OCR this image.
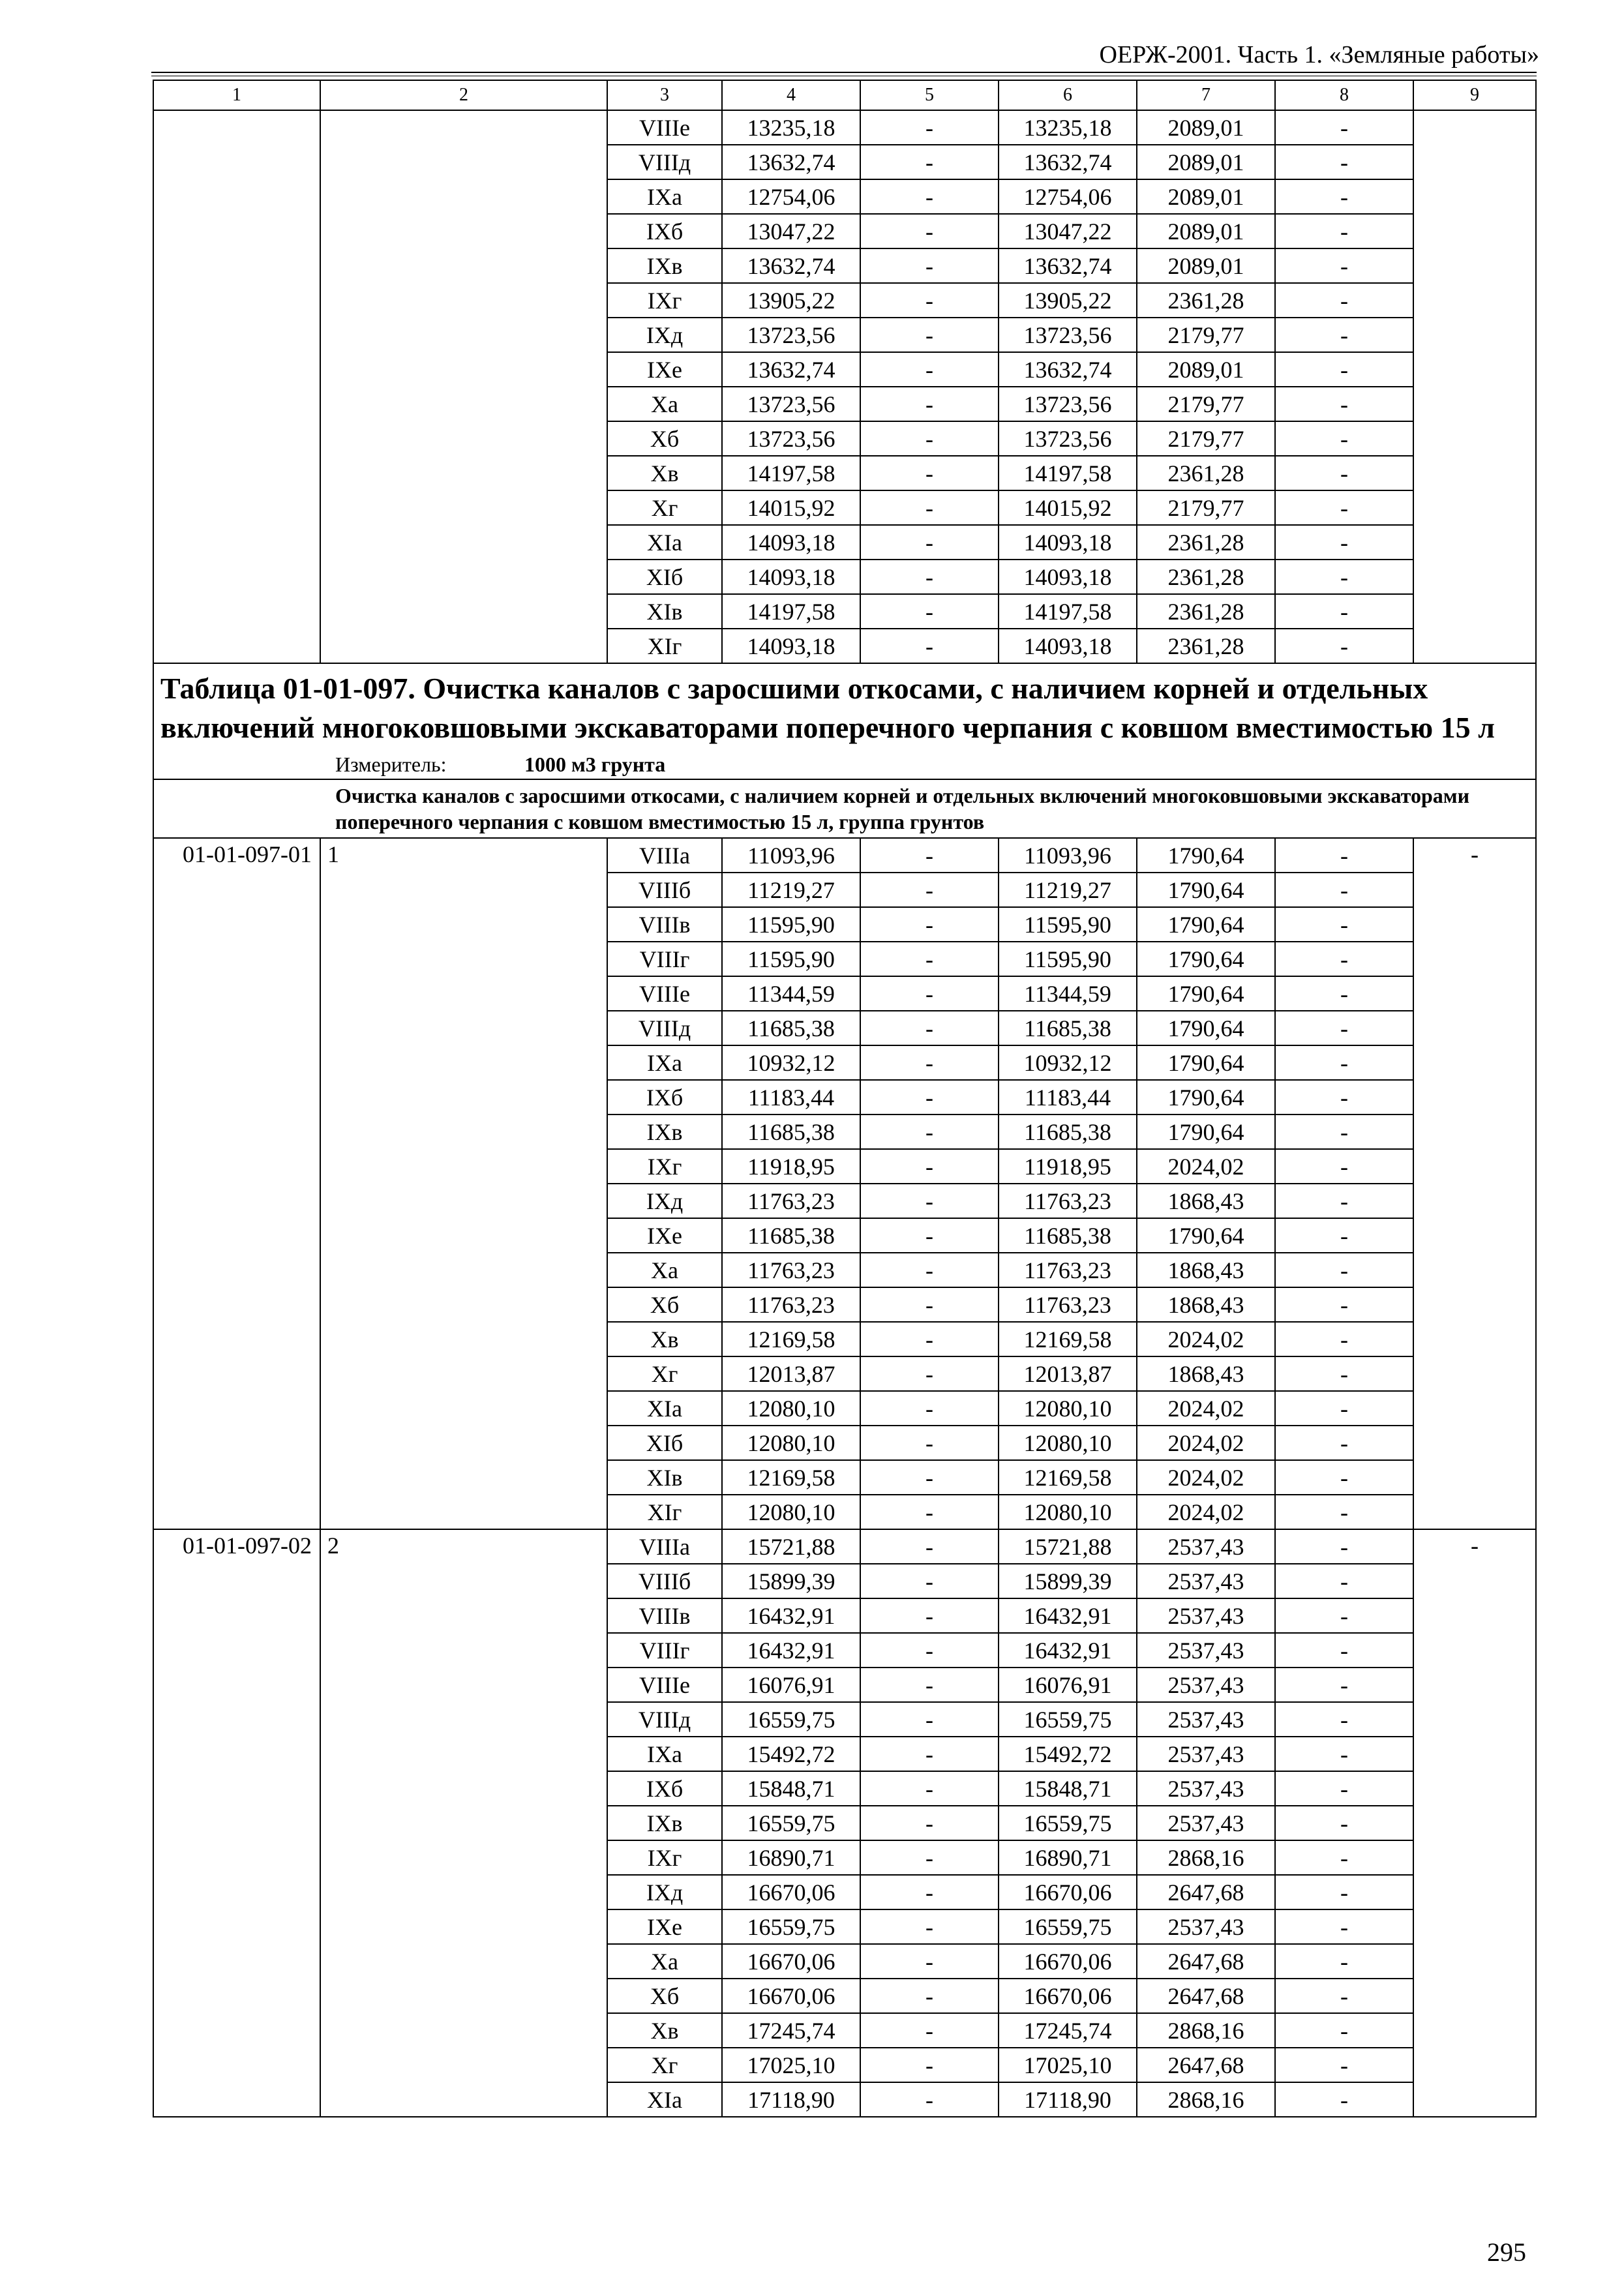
ОЕРЖ-2001. Часть 1. «Земляные работы»
1	2	3	4	5	6	7	8	9
		VIIIе	13235,18	-	13235,18	2089,01	-	
		VIIIд	13632,74	-	13632,74	2089,01	-	
		IXа	12754,06	-	12754,06	2089,01	-	
		IXб	13047,22	-	13047,22	2089,01	-	
		IXв	13632,74	-	13632,74	2089,01	-	
		IXг	13905,22	-	13905,22	2361,28	-	
		IXд	13723,56	-	13723,56	2179,77	-	
		IXе	13632,74	-	13632,74	2089,01	-	
		Xа	13723,56	-	13723,56	2179,77	-	
		Xб	13723,56	-	13723,56	2179,77	-	
		Xв	14197,58	-	14197,58	2361,28	-	
		Xг	14015,92	-	14015,92	2179,77	-	
		XIа	14093,18	-	14093,18	2361,28	-	
		XIб	14093,18	-	14093,18	2361,28	-	
		XIв	14197,58	-	14197,58	2361,28	-	
		XIг	14093,18	-	14093,18	2361,28	-	

Таблица 01-01-097. Очистка каналов с заросшими откосами, с наличием корней и отдельных включений многоковшовыми экскаваторами поперечного черпания с ковшом вместимостью 15 л
Измеритель: 1000 м3 грунта								

Очистка каналов с заросшими откосами, с наличием корней и отдельных включений многоковшовыми экскаваторами поперечного черпания с ковшом вместимостью 15 л, группа грунтов								
01-01-097-01	1	VIIIа	11093,96	-	11093,96	1790,64	-	-
		VIIIб	11219,27	-	11219,27	1790,64	-	
		VIIIв	11595,90	-	11595,90	1790,64	-	
		VIIIг	11595,90	-	11595,90	1790,64	-	
		VIIIе	11344,59	-	11344,59	1790,64	-	
		VIIIд	11685,38	-	11685,38	1790,64	-	
		IXа	10932,12	-	10932,12	1790,64	-	
		IXб	11183,44	-	11183,44	1790,64	-	
		IXв	11685,38	-	11685,38	1790,64	-	
		IXг	11918,95	-	11918,95	2024,02	-	
		IXд	11763,23	-	11763,23	1868,43	-	
		IXе	11685,38	-	11685,38	1790,64	-	
		Xа	11763,23	-	11763,23	1868,43	-	
		Xб	11763,23	-	11763,23	1868,43	-	
		Xв	12169,58	-	12169,58	2024,02	-	
		Xг	12013,87	-	12013,87	1868,43	-	
		XIа	12080,10	-	12080,10	2024,02	-	
		XIб	12080,10	-	12080,10	2024,02	-	
		XIв	12169,58	-	12169,58	2024,02	-	
		XIг	12080,10	-	12080,10	2024,02	-	
01-01-097-02	2	VIIIа	15721,88	-	15721,88	2537,43	-	-
		VIIIб	15899,39	-	15899,39	2537,43	-	
		VIIIв	16432,91	-	16432,91	2537,43	-	
		VIIIг	16432,91	-	16432,91	2537,43	-	
		VIIIе	16076,91	-	16076,91	2537,43	-	
		VIIIд	16559,75	-	16559,75	2537,43	-	
		IXа	15492,72	-	15492,72	2537,43	-	
		IXб	15848,71	-	15848,71	2537,43	-	
		IXв	16559,75	-	16559,75	2537,43	-	
		IXг	16890,71	-	16890,71	2868,16	-	
		IXд	16670,06	-	16670,06	2647,68	-	
		IXе	16559,75	-	16559,75	2537,43	-	
		Xа	16670,06	-	16670,06	2647,68	-	
		Xб	16670,06	-	16670,06	2647,68	-	
		Xв	17245,74	-	17245,74	2868,16	-	
		Xг	17025,10	-	17025,10	2647,68	-	
		XIа	17118,90	-	17118,90	2868,16	-	
295
